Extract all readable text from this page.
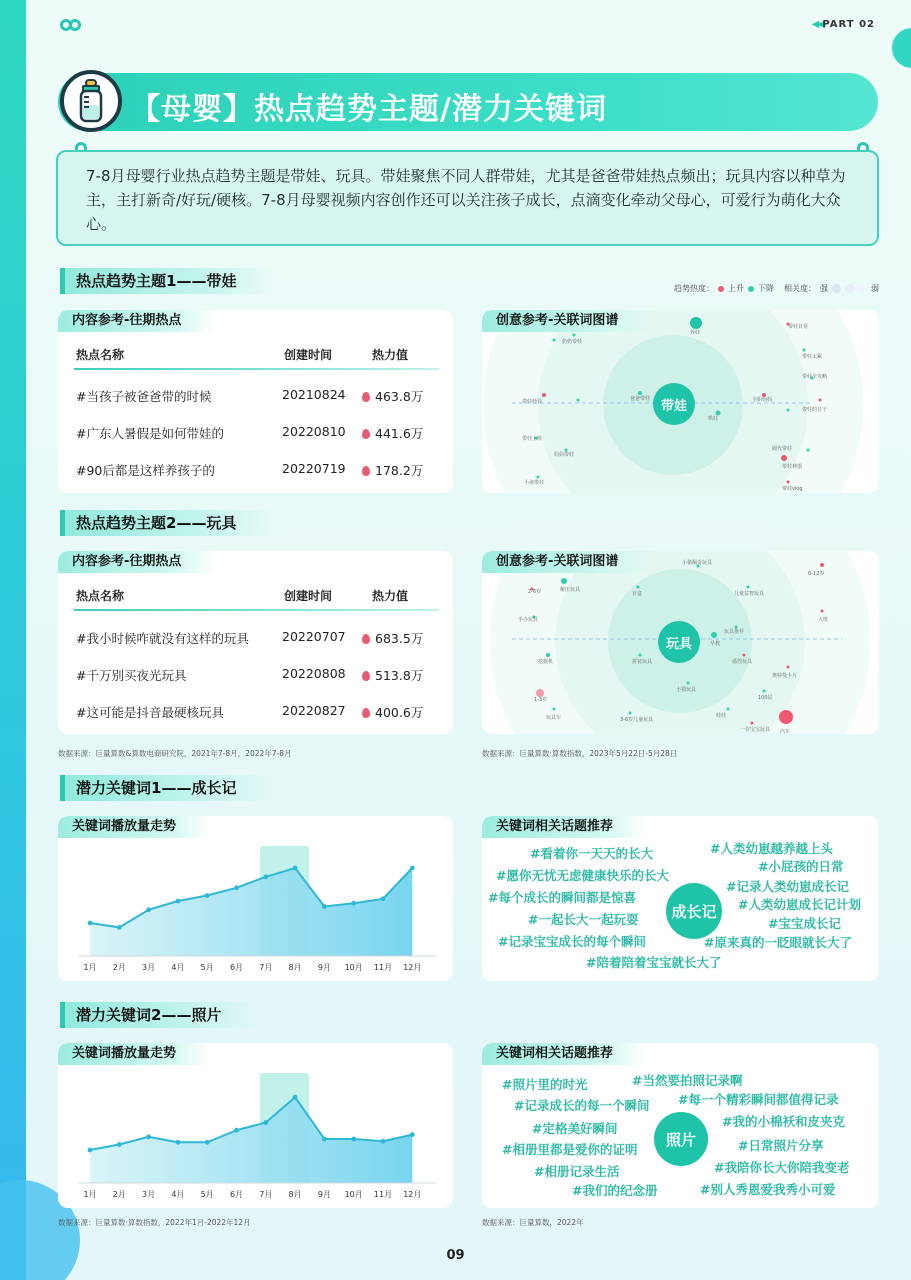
◀◀ PART 02
【母婴】热点趋势主题/潜力关键词
7-8月母婴行业热点趋势主题是带娃、玩具。带娃聚焦不同人群带娃，尤其是爸爸带娃热点频出；玩具内容以种草为主，主打新奇/好玩/硬核。7-8月母婴视频内容创作还可以关注孩子成长，点滴变化牵动父母心，可爱行为萌化大众心。
热点趋势主题1——带娃	趋势热度： 上升 下降 相关度： 强	弱
内容参考-往期热点
热点名称	创建时间	热力值
#当孩子被爸爸带的时候	20210824	463.8万
#广东人暑假是如何带娃的	20220810	441.6万
#90后都是这样养孩子的	20220719	178.2万
养娃
带娃日常
奶奶带娃
带娃太累
带娃全攻略
爸爸带娃
带娃经验	全职妈妈
哄娃
带娃的日子
带娃上班
妈妈带娃
隔代带娃
带娃神器
小孩带娃
带娃vlog
创意参考-关联词图谱
带娃
热点趋势主题2——玩具
内容参考-往期热点
热点名称	创建时间	热力值
#我小时候咋就没有这样的玩具	20220707	683.5万
#千万别买夜光玩具	20220808	513.8万
#这可能是抖音最硬核玩具	20220827	400.6万
小猪佩奇玩具
6-12岁
2-6岁	解压玩具
盲盒	儿童益智玩具
手办玩具	大班
玩具推荐
早教
挖掘机	拼装玩具	遥控玩具
奥特曼卡片
小猪玩具
100层
1-3岁
玩具车	3-6岁儿童玩具
娃娃
一岁宝宝玩具 汽车
创意参考-关联词图谱
玩具
数据来源：巨量算数&算数电商研究院，2021年7-8月，2022年7-8月	数据来源：巨量算数·算数指数，2023年5月22日-5月28日
潜力关键词1——成长记
1月 2月 3月 4月 5月 6月 7月 8月 9月 10月 11月 12月
关键词播放量走势	关键词相关话题推荐
#看着你一天天的长大	#人类幼崽越养越上头
#愿你无忧无虑健康快乐的长大
#小屁孩的日常
#每个成长的瞬间都是惊喜
#记录人类幼崽成长记
#人类幼崽成长记计划
#一起长大一起玩耍	#宝宝成长记
#记录宝宝成长的每个瞬间	#原来真的一眨眼就长大了
#陪着陪着宝宝就长大了
成长记
潜力关键词2——照片
1月 2月 3月 4月 5月 6月 7月 8月 9月 10月 11月 12月
关键词播放量走势	关键词相关话题推荐
#照片里的时光	#当然要拍照记录啊
#记录成长的每一个瞬间 #每一个精彩瞬间都值得记录
#定格美好瞬间	#我的小棉袄和皮夹克
#相册里都是爱你的证明	#日常照片分享
#相册记录生活	#我陪你长大你陪我变老
#我们的纪念册	#别人秀恩爱我秀小可爱
照片
数据来源：巨量算数·算数指数，2022年1月-2022年12月	数据来源：巨量算数，2022年
09
